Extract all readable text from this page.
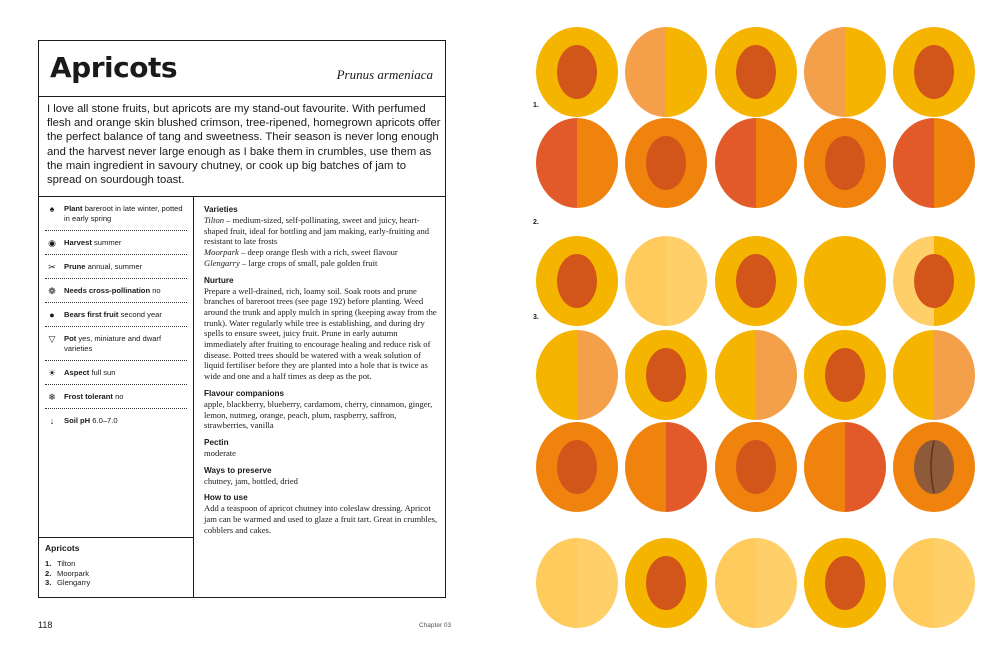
Apricots	Prunus armeniaca

I love all stone fruits, but apricots are my stand-out favourite. With perfumed flesh and orange skin blushed crimson, tree-ripened, homegrown apricots offer the perfect balance of tang and sweetness. Their season is never long enough and the harvest never large enough as I bake them in crumbles, use them as the main ingredient in savoury chutney, or cook up big batches of jam to spread on sourdough toast.

♠	Plant bareroot in late winter, potted in early spring
◉	Harvest summer
✂	Prune annual, summer
❁	Needs cross-pollination no
●	Bears first fruit second year
▽	Pot yes, miniature and dwarf varieties
☀	Aspect full sun
❄	Frost tolerant no
↓	Soil pH 6.0–7.0
Apricots
1. Tilton
2. Moorpark
3. Glengarry
Varieties

Tilton – medium-sized, self-pollinating, sweet and juicy, heart-shaped fruit, ideal for bottling and jam making, early-fruiting and resistant to late frosts
Moorpark – deep orange flesh with a rich, sweet flavour
Glengarry – large crops of small, pale golden fruit

Nurture

Prepare a well-drained, rich, loamy soil. Soak roots and prune branches of bareroot trees (see page 192) before planting. Weed around the trunk and apply mulch in spring (keeping away from the trunk). Water regularly while tree is establishing, and during dry spells to ensure sweet, juicy fruit. Prune in early autumn immediately after fruiting to encourage healing and reduce risk of disease. Potted trees should be watered with a weak solution of liquid fertiliser before they are planted into a hole that is twice as wide and one and a half times as deep as the pot.

Flavour companions

apple, blackberry, blueberry, cardamom, cherry, cinnamon, ginger, lemon, nutmeg, orange, peach, plum, raspberry, saffron, strawberries, vanilla

Pectin

moderate

Ways to preserve

chutney, jam, bottled, dried

How to use

Add a teaspoon of apricot chutney into coleslaw dressing. Apricot jam can be warmed and used to glaze a fruit tart. Great in crumbles, cobblers and cakes.

118	Chapter 03
1.
2.
3.
